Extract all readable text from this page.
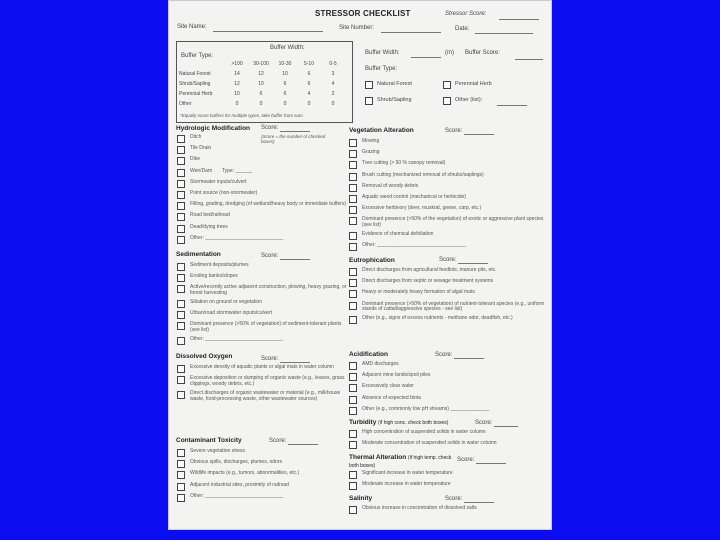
STRESSOR CHECKLIST	Stressor Score:
Site Name:	Site Number:	Date:
Buffer Type:
Buffer Width:
	>100	30-100	10-30	5-10	0-5
Natural Forest	14	12	10	6	3
Shrub/Sapling	12	10	6	6	4
Perennial Herb	10	6	6	4	2
Other	0	0	0	0	0
*Equally score buffers for multiple types, take buffer from sum
Buffer Width:	(m) Buffer Score:
Buffer Type:
Natural Forest	Perennial Herb
Shrub/Sapling	Other (list):
Hydrologic Modification Score:
(Score = the number of checked boxes)
Ditch
Tile Drain
Dike
Weir/Dam Type: ______
Stormwater inputs/culvert
Point source (non-stormwater)
Filling, grading, dredging (of wetland/heavy body or immediate buffers)
Road bed/railroad
Dead/dying trees
Other: ____________________________
Sedimentation	Score:
Sediment deposits/plumes
Eroding banks/slopes
Active/recently active adjacent construction, plowing, heavy grazing, or forest harvesting
Siltation on ground or vegetation
Urban/road stormwater inputs/culvert
Dominant presence (>50% of vegetation) of sediment-tolerant plants (see list)
Other: ____________________________
Dissolved Oxygen	Score:
Excessive density of aquatic plants or algal mats in water column
Excessive deposition or dumping of organic waste (e.g., leaves, grass clippings, woody debris, etc.)
Direct discharges of organic wastewater or material (e.g., milkhouse waste, food-processing waste, other wastewater sources)
Contaminant Toxicity	Score:
Severe vegetation stress
Obvious spills, discharges, plumes, odors
Wildlife impacts (e.g., tumors, abnormalities, etc.)
Adjacent industrial sites, proximity of railroad
Other: ____________________________
Vegetation Alteration	Score:
Mowing
Grazing
Tree cutting (> 50 % canopy removal)
Brush cutting (mechanized removal of shrubs/saplings)
Removal of woody debris
Aquatic weed control (mechanical or herbicide)
Excessive herbivory (deer, muskrat, geese, carp, etc.)
Dominant presence (>50% of the vegetation) of exotic or aggressive plant species (see list)
Evidence of chemical defoliation
Other: ________________________________
Eutrophication	Score:
Direct discharges from agricultural feedlots, manure pits, etc.
Direct discharges from septic or sewage treatment systems
Heavy or moderately heavy formation of algal mats
Dominant presence (>50% of vegetation) of nutrient-tolerant species (e.g., uniform stands of cattail/aggressive species - see list)
Other (e.g., signs of excess nutrients - methane odor, deadfish, etc.)
Acidification	Score:
AMD discharges
Adjacent mine lands/spoil piles
Excessively clear water
Absence of expected biota
Other (e.g., commonly low pH streams) ______________
Turbidity (if high conc. check both boxes)	Score:
High concentration of suspended solids in water column
Moderate concentration of suspended solids in water column
Thermal Alteration (if high temp. check both boxes)
Score:
Significant increase in water temperature
Moderate increase in water temperature
Salinity	Score:
Obvious increase in concentration of dissolved salts
